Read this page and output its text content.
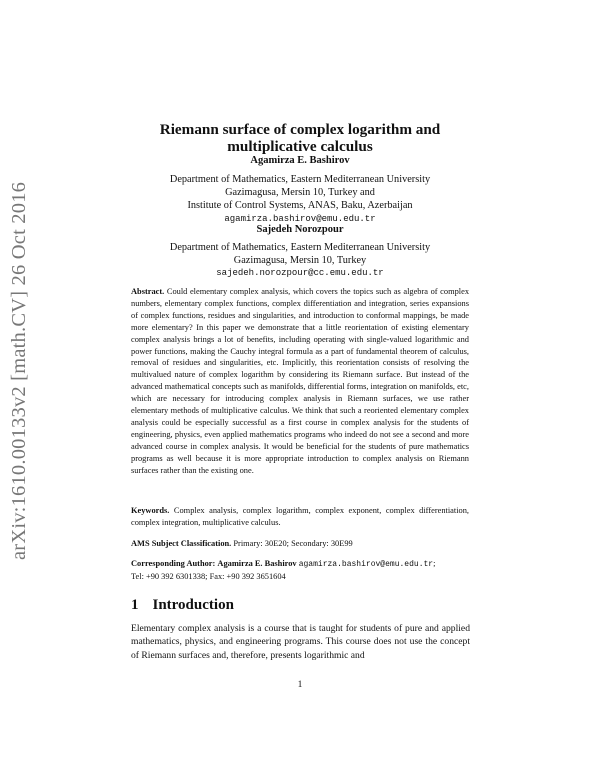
arXiv:1610.00133v2 [math.CV] 26 Oct 2016
Riemann surface of complex logarithm and
multiplicative calculus
Agamirza E. Bashirov
Department of Mathematics, Eastern Mediterranean University
Gazimagusa, Mersin 10, Turkey and
Institute of Control Systems, ANAS, Baku, Azerbaijan
agamirza.bashirov@emu.edu.tr
Sajedeh Norozpour
Department of Mathematics, Eastern Mediterranean University
Gazimagusa, Mersin 10, Turkey
sajedeh.norozpour@cc.emu.edu.tr
Abstract. Could elementary complex analysis, which covers the topics such as algebra of complex numbers, elementary complex functions, complex differentiation and integration, series expansions of complex functions, residues and singularities, and introduction to conformal mappings, be made more elementary? In this paper we demonstrate that a little reorientation of existing elementary complex analysis brings a lot of benefits, including operating with single-valued logarithmic and power functions, making the Cauchy integral formula as a part of fundamental theorem of calculus, removal of residues and singularities, etc. Implicitly, this reorientation consists of resolving the multivalued nature of complex logarithm by considering its Riemann surface. But instead of the advanced mathematical concepts such as manifolds, differential forms, integration on manifolds, etc, which are necessary for introducing complex analysis in Riemann surfaces, we use rather elementary methods of multiplicative calculus. We think that such a reoriented elementary complex analysis could be especially successful as a first course in complex analysis for the students of engineering, physics, even applied mathematics programs who indeed do not see a second and more advanced course in complex analysis. It would be beneficial for the students of pure mathematics programs as well because it is more appropriate introduction to complex analysis on Riemann surfaces rather than the existing one.
Keywords. Complex analysis, complex logarithm, complex exponent, complex differentiation, complex integration, multiplicative calculus.
AMS Subject Classification. Primary: 30E20; Secondary: 30E99
Corresponding Author: Agamirza E. Bashirov agamirza.bashirov@emu.edu.tr;
Tel: +90 392 6301338; Fax: +90 392 3651604
1 Introduction
Elementary complex analysis is a course that is taught for students of pure and applied mathematics, physics, and engineering programs. This course does not use the concept of Riemann surfaces and, therefore, presents logarithmic and
1
